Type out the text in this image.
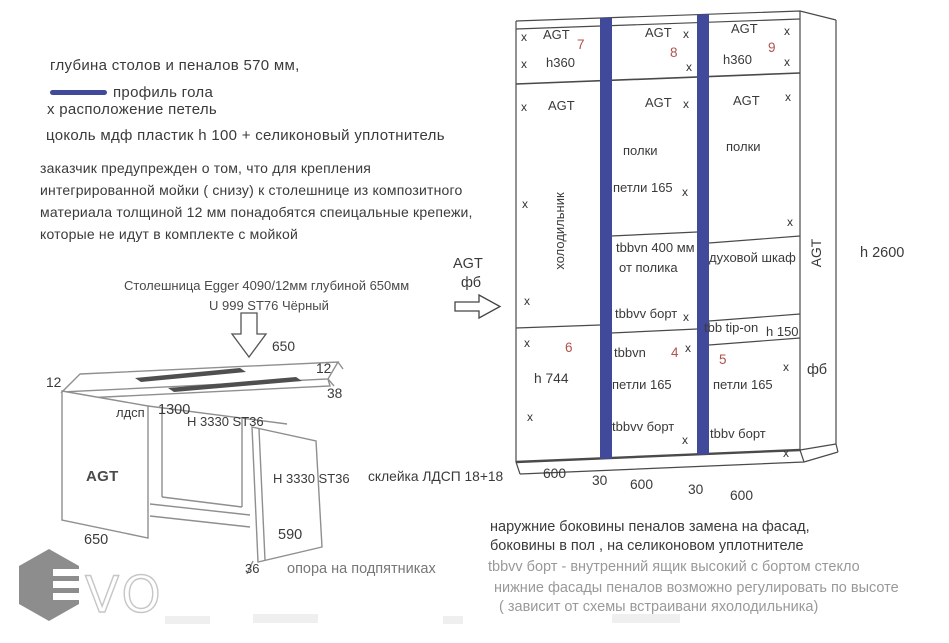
VO
глубина столов и пеналов 570 мм,
профиль гола
х расположение петель
цоколь мдф пластик h 100 + селиконовый уплотнитель
заказчик предупрежден о том, что для крепления
интегрированной мойки ( снизу) к столешнице из композитного
материала толщиной 12 мм понадобятся спеицальные крепежи,
которые не идут в комплекте с мойкой
Столешница Egger 4090/12мм глубиной 650мм
U 999 ST76 Чёрный
650
12
12
38
лдсп 1300
H 3330 ST36
AGT	H 3330 ST36 склейка ЛДСП 18+18
650	590
36 опора на подпятниках
AGT
фб
x AGT
7
x h360
AGT x
8
x
AGT x
9
h360	x
x AGT
холодильник
x
x
x	6
h 744
x
AGT x
полки
петли 165 x
tbbvn 400 мм
от полика
tbbvv борт x
tbbvn 4 x
петли 165
tbbvv борт
x
AGT x
полки
x
духовой шкаф
tbb tip-on h 150
5	x
петли 165
tbbv борт
x
AGT
фб
h 2600
600 30 600	30 600
наружние боковины пеналов замена на фасад,
боковины в пол , на селиконовом уплотнителе
tbbvv борт - внутренний ящик высокий с бортом стекло
нижние фасады пеналов возможно регулировать по высоте
( зависит от схемы встраивани яхолодильника)
